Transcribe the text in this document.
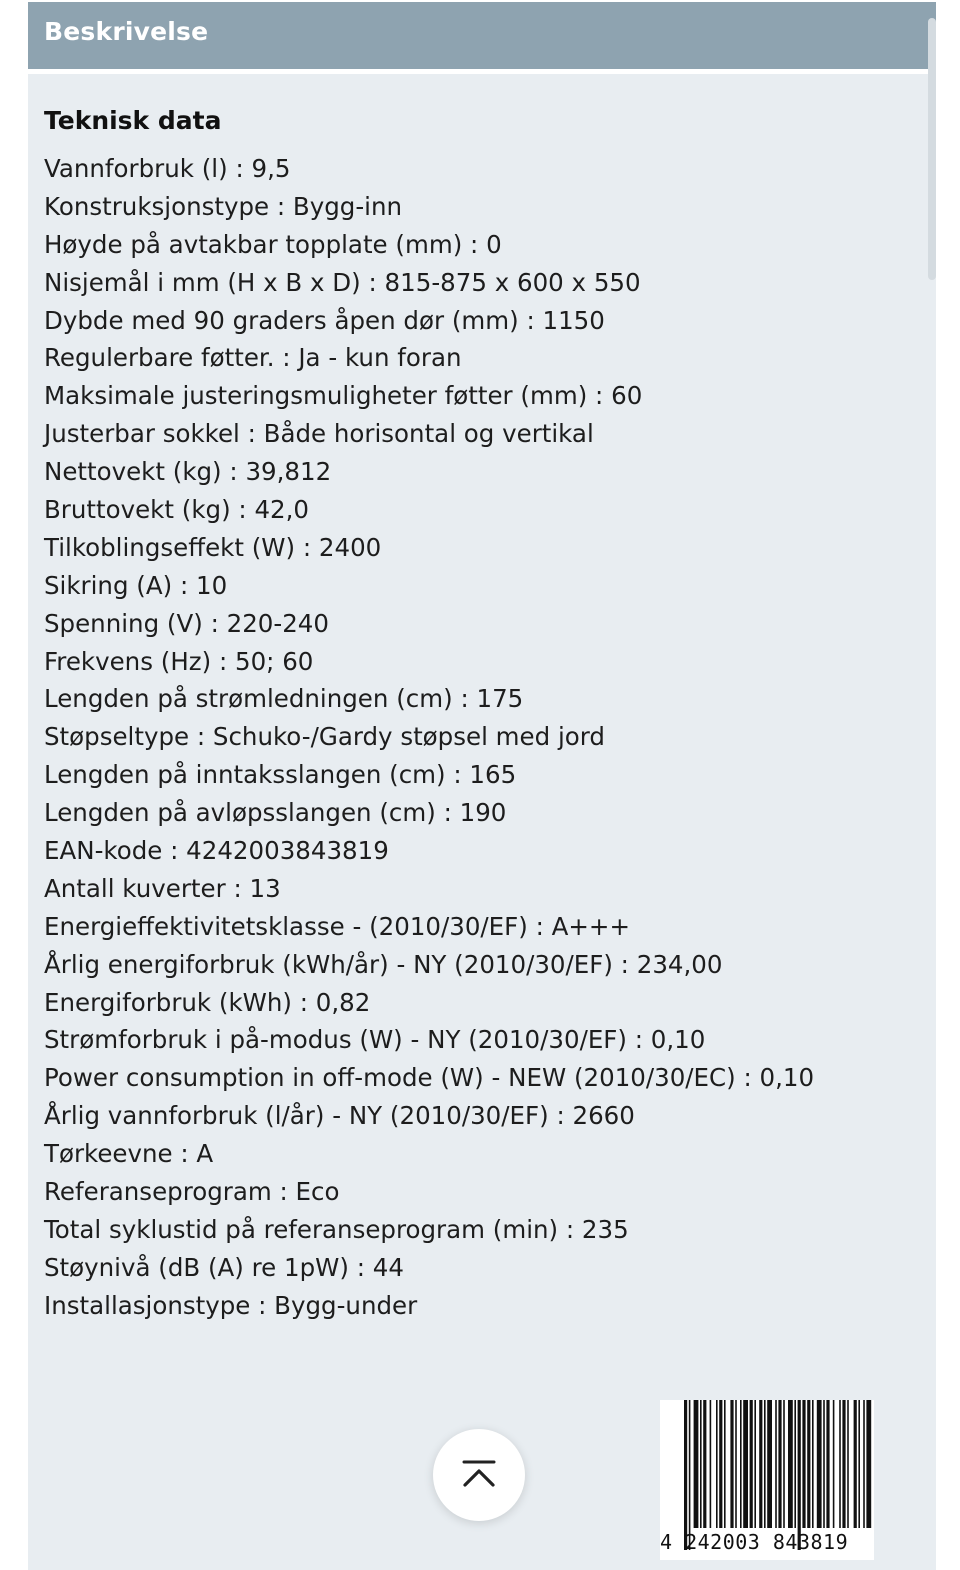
Beskrivelse
Teknisk data
Vannforbruk (l) : 9,5
Konstruksjonstype : Bygg-inn
Høyde på avtakbar topplate (mm) : 0
Nisjemål i mm (H x B x D) : 815-875 x 600 x 550
Dybde med 90 graders åpen dør (mm) : 1150
Regulerbare føtter. : Ja - kun foran
Maksimale justeringsmuligheter føtter (mm) : 60
Justerbar sokkel : Både horisontal og vertikal
Nettovekt (kg) : 39,812
Bruttovekt (kg) : 42,0
Tilkoblingseffekt (W) : 2400
Sikring (A) : 10
Spenning (V) : 220-240
Frekvens (Hz) : 50; 60
Lengden på strømledningen (cm) : 175
Støpseltype : Schuko-/Gardy støpsel med jord
Lengden på inntaksslangen (cm) : 165
Lengden på avløpsslangen (cm) : 190
EAN-kode : 4242003843819
Antall kuverter : 13
Energieffektivitetsklasse - (2010/30/EF) : A+++
Årlig energiforbruk (kWh/år) - NY (2010/30/EF) : 234,00
Energiforbruk (kWh) : 0,82
Strømforbruk i på-modus (W) - NY (2010/30/EF) : 0,10
Power consumption in off-mode (W) - NEW (2010/30/EC) : 0,10
Årlig vannforbruk (l/år) - NY (2010/30/EF) : 2660
Tørkeevne : A
Referanseprogram : Eco
Total syklustid på referanseprogram (min) : 235
Støynivå (dB (A) re 1pW) : 44
Installasjonstype : Bygg-under
4 242003 843819
